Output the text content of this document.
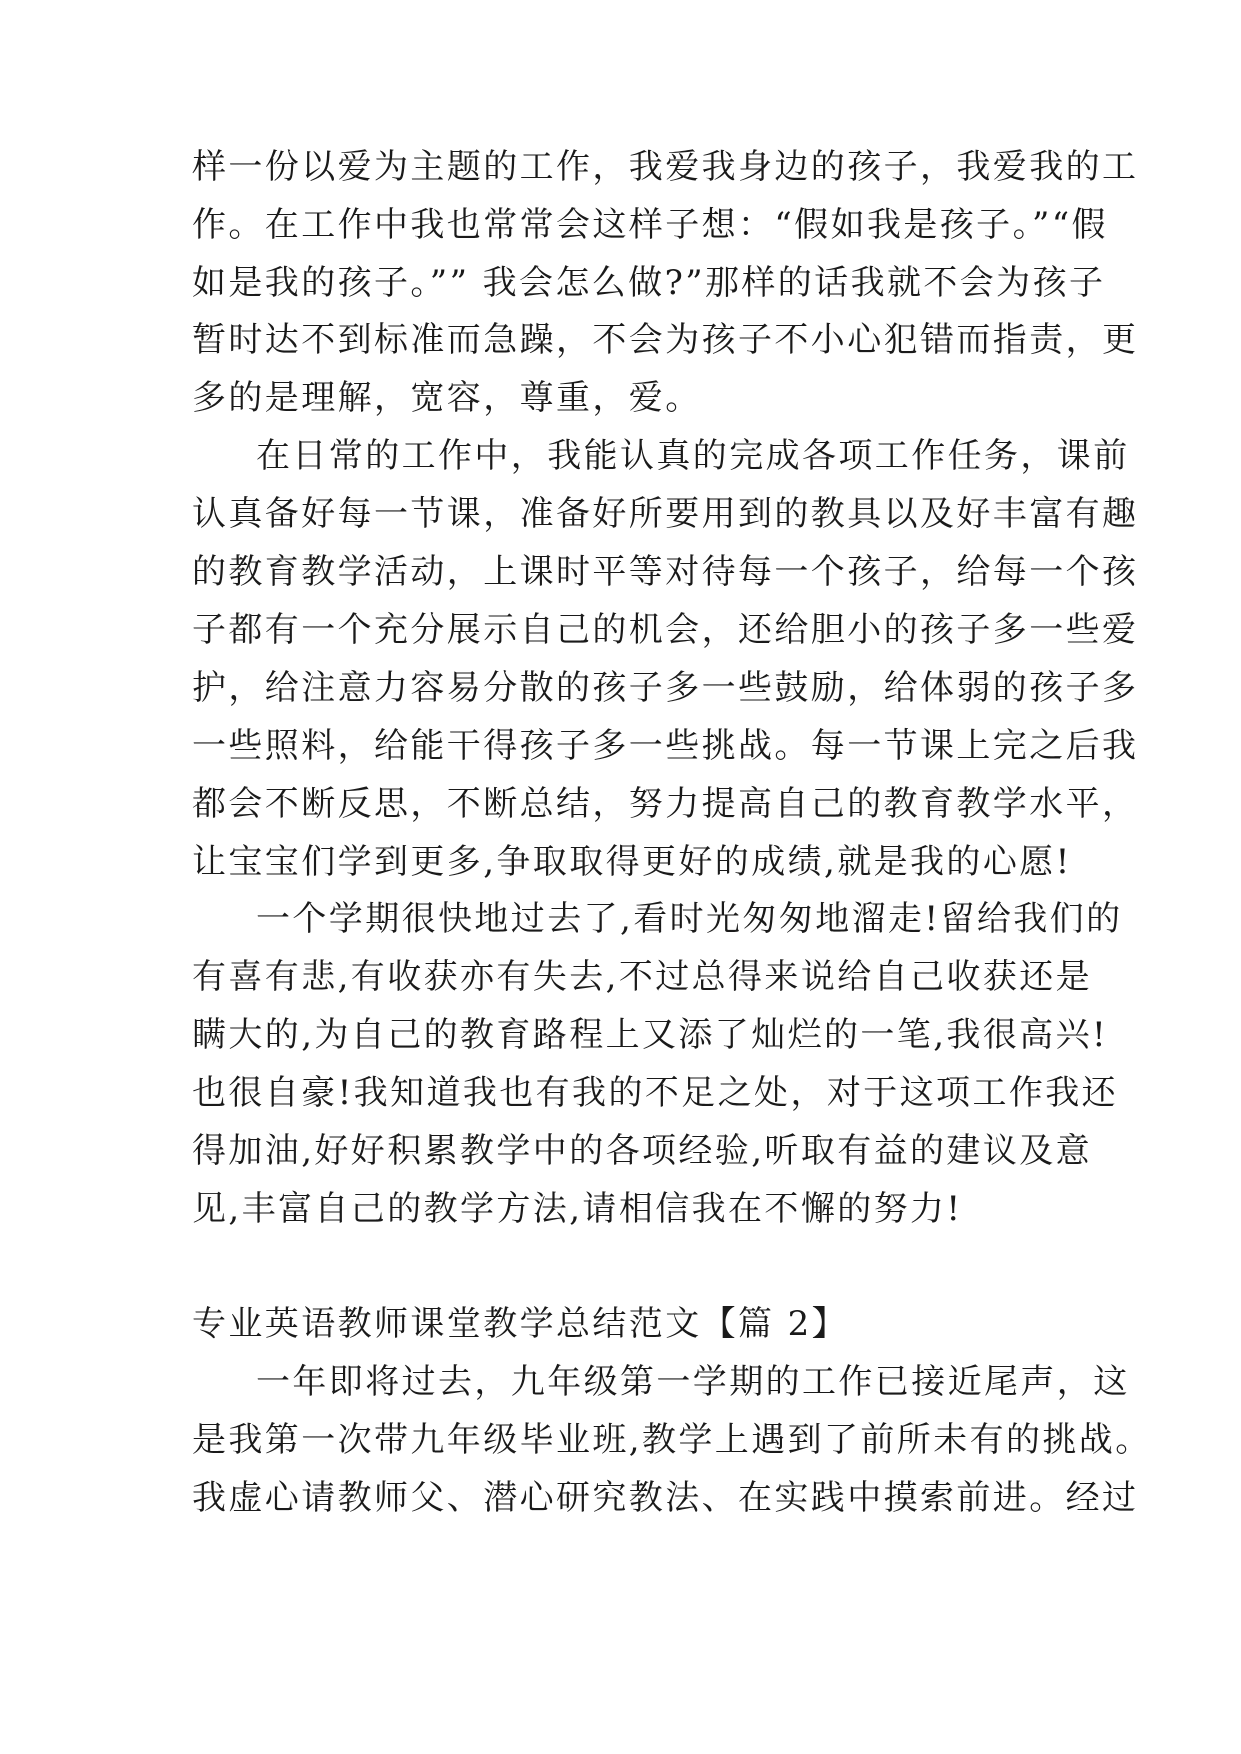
样一份以爱为主题的工作，我爱我身边的孩子，我爱我的工
作。在工作中我也常常会这样子想：“假如我是孩子。”“假
如是我的孩子。”” 我会怎么做?”那样的话我就不会为孩子
暂时达不到标准而急躁，不会为孩子不小心犯错而指责，更
多的是理解，宽容，尊重，爱。
在日常的工作中，我能认真的完成各项工作任务，课前
认真备好每一节课，准备好所要用到的教具以及好丰富有趣
的教育教学活动，上课时平等对待每一个孩子，给每一个孩
子都有一个充分展示自己的机会，还给胆小的孩子多一些爱
护，给注意力容易分散的孩子多一些鼓励，给体弱的孩子多
一些照料，给能干得孩子多一些挑战。每一节课上完之后我
都会不断反思，不断总结，努力提高自己的教育教学水平，
让宝宝们学到更多,争取取得更好的成绩,就是我的心愿!
一个学期很快地过去了,看时光匆匆地溜走!留给我们的
有喜有悲,有收获亦有失去,不过总得来说给自己收获还是
瞒大的,为自己的教育路程上又添了灿烂的一笔,我很高兴!
也很自豪!我知道我也有我的不足之处，对于这项工作我还
得加油,好好积累教学中的各项经验,听取有益的建议及意
见,丰富自己的教学方法,请相信我在不懈的努力!
专业英语教师课堂教学总结范文【篇 2】
一年即将过去，九年级第一学期的工作已接近尾声，这
是我第一次带九年级毕业班,教学上遇到了前所未有的挑战。
我虚心请教师父、潜心研究教法、在实践中摸索前进。经过
